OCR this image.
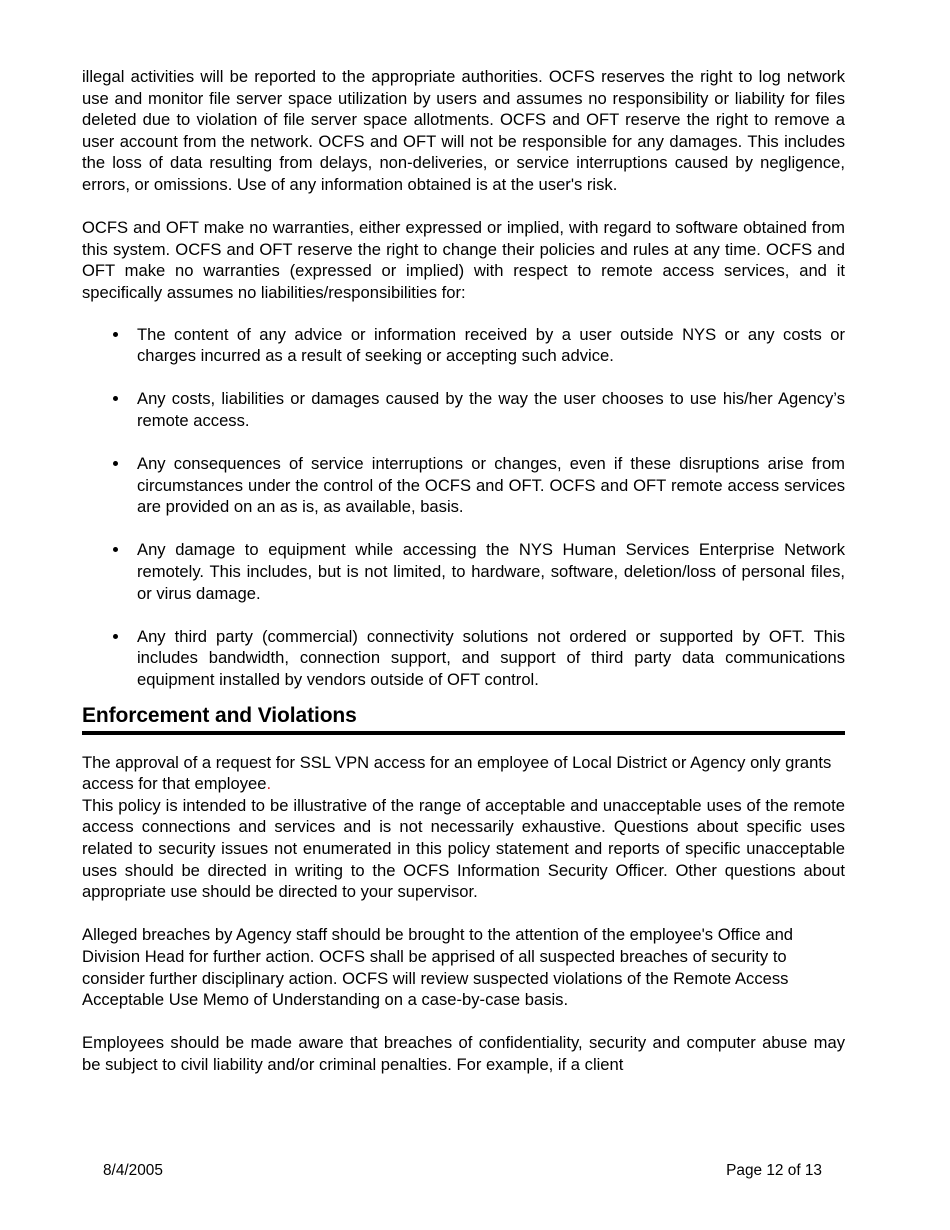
illegal activities will be reported to the appropriate authorities. OCFS reserves the right to log network use and monitor file server space utilization by users and assumes no responsibility or liability for files deleted due to violation of file server space allotments. OCFS and OFT reserve the right to remove a user account from the network. OCFS and OFT will not be responsible for any damages. This includes the loss of data resulting from delays, non-deliveries, or service interruptions caused by negligence, errors, or omissions. Use of any information obtained is at the user's risk.

OCFS and OFT make no warranties, either expressed or implied, with regard to software obtained from this system. OCFS and OFT reserve the right to change their policies and rules at any time. OCFS and OFT make no warranties (expressed or implied) with respect to remote access services, and it specifically assumes no liabilities/responsibilities for:

The content of any advice or information received by a user outside NYS or any costs or charges incurred as a result of seeking or accepting such advice.
Any costs, liabilities or damages caused by the way the user chooses to use his/her Agency’s remote access.
Any consequences of service interruptions or changes, even if these disruptions arise from circumstances under the control of the OCFS and OFT. OCFS and OFT remote access services are provided on an as is, as available, basis.
Any damage to equipment while accessing the NYS Human Services Enterprise Network remotely. This includes, but is not limited, to hardware, software, deletion/loss of personal files, or virus damage.
Any third party (commercial) connectivity solutions not ordered or supported by OFT. This includes bandwidth, connection support, and support of third party data communications equipment installed by vendors outside of OFT control.
Enforcement and Violations

The approval of a request for SSL VPN access for an employee of Local District or Agency only grants access for that employee.

This policy is intended to be illustrative of the range of acceptable and unacceptable uses of the remote access connections and services and is not necessarily exhaustive. Questions about specific uses related to security issues not enumerated in this policy statement and reports of specific unacceptable uses should be directed in writing to the OCFS Information Security Officer. Other questions about appropriate use should be directed to your supervisor.

Alleged breaches by Agency staff should be brought to the attention of the employee's Office and Division Head for further action. OCFS shall be apprised of all suspected breaches of security to consider further disciplinary action. OCFS will review suspected violations of the Remote Access Acceptable Use Memo of Understanding on a case-by-case basis.

Employees should be made aware that breaches of confidentiality, security and computer abuse may be subject to civil liability and/or criminal penalties. For example, if a client

8/4/2005	Page 12 of 13
